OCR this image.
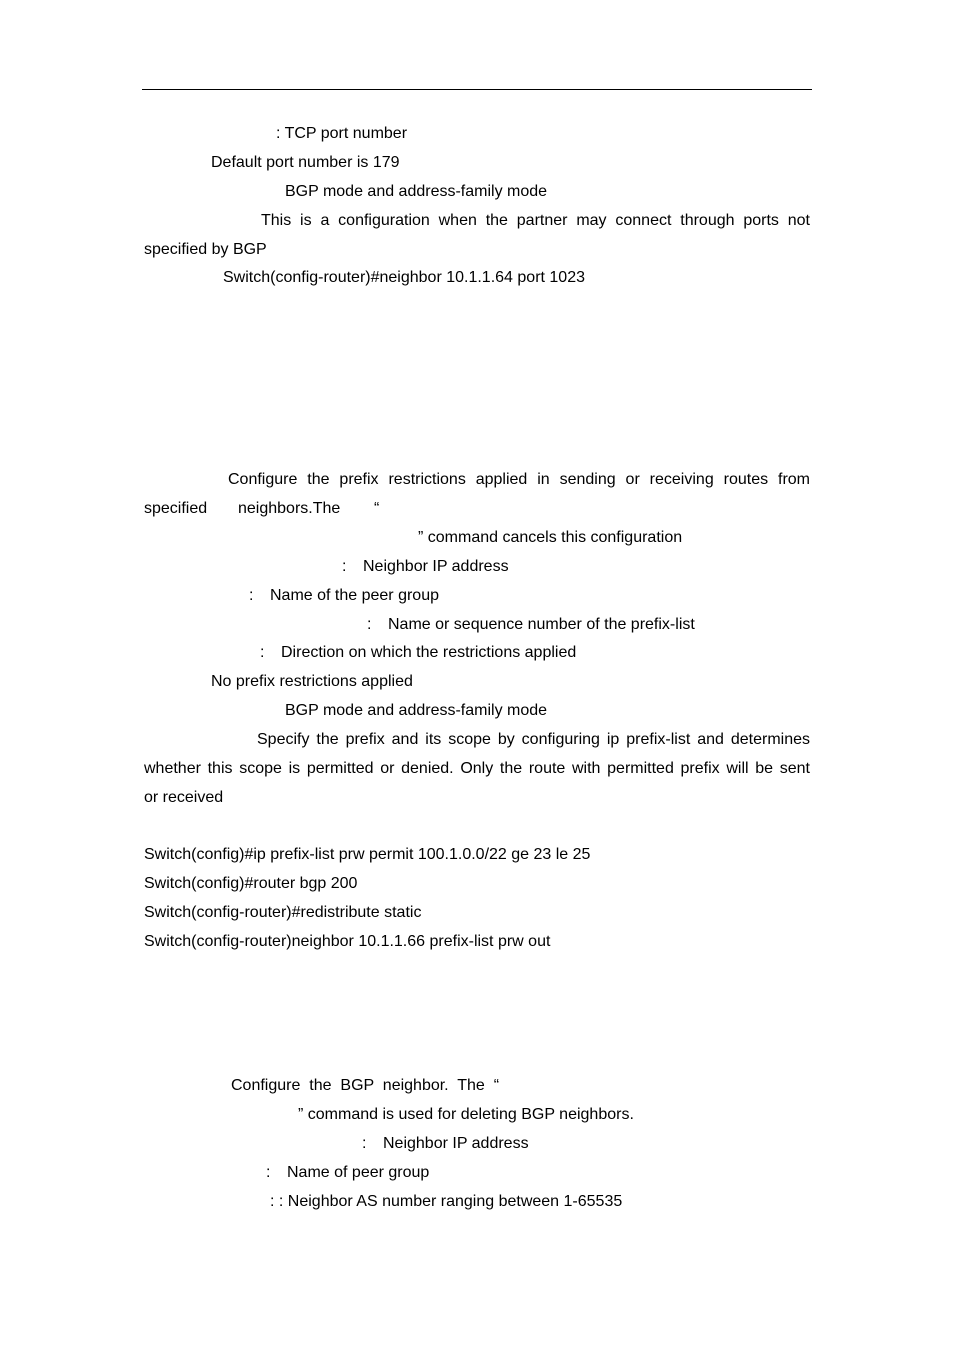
: TCP port number
Default port number is 179
BGP mode and address-family mode
This is a configuration when the partner may connect through ports not
specified by BGP
Switch(config-router)#neighbor 10.1.1.64 port 1023
Configure the prefix restrictions applied in sending or receiving routes from
specified neighbors.The “
” command cancels this configuration
: Neighbor IP address
: Name of the peer group
: Name or sequence number of the prefix-list
: Direction on which the restrictions applied
No prefix restrictions applied
BGP mode and address-family mode
Specify the prefix and its scope by configuring ip prefix-list and determines
whether this scope is permitted or denied. Only the route with permitted prefix will be sent
or received
Switch(config)#ip prefix-list prw permit 100.1.0.0/22 ge 23 le 25
Switch(config)#router bgp 200
Switch(config-router)#redistribute static
Switch(config-router)neighbor 10.1.1.66 prefix-list prw out
Configure  the  BGP  neighbor.  The  “
” command is used for deleting BGP neighbors.
: Neighbor IP address
: Name of peer group
: : Neighbor AS number ranging between 1-65535
